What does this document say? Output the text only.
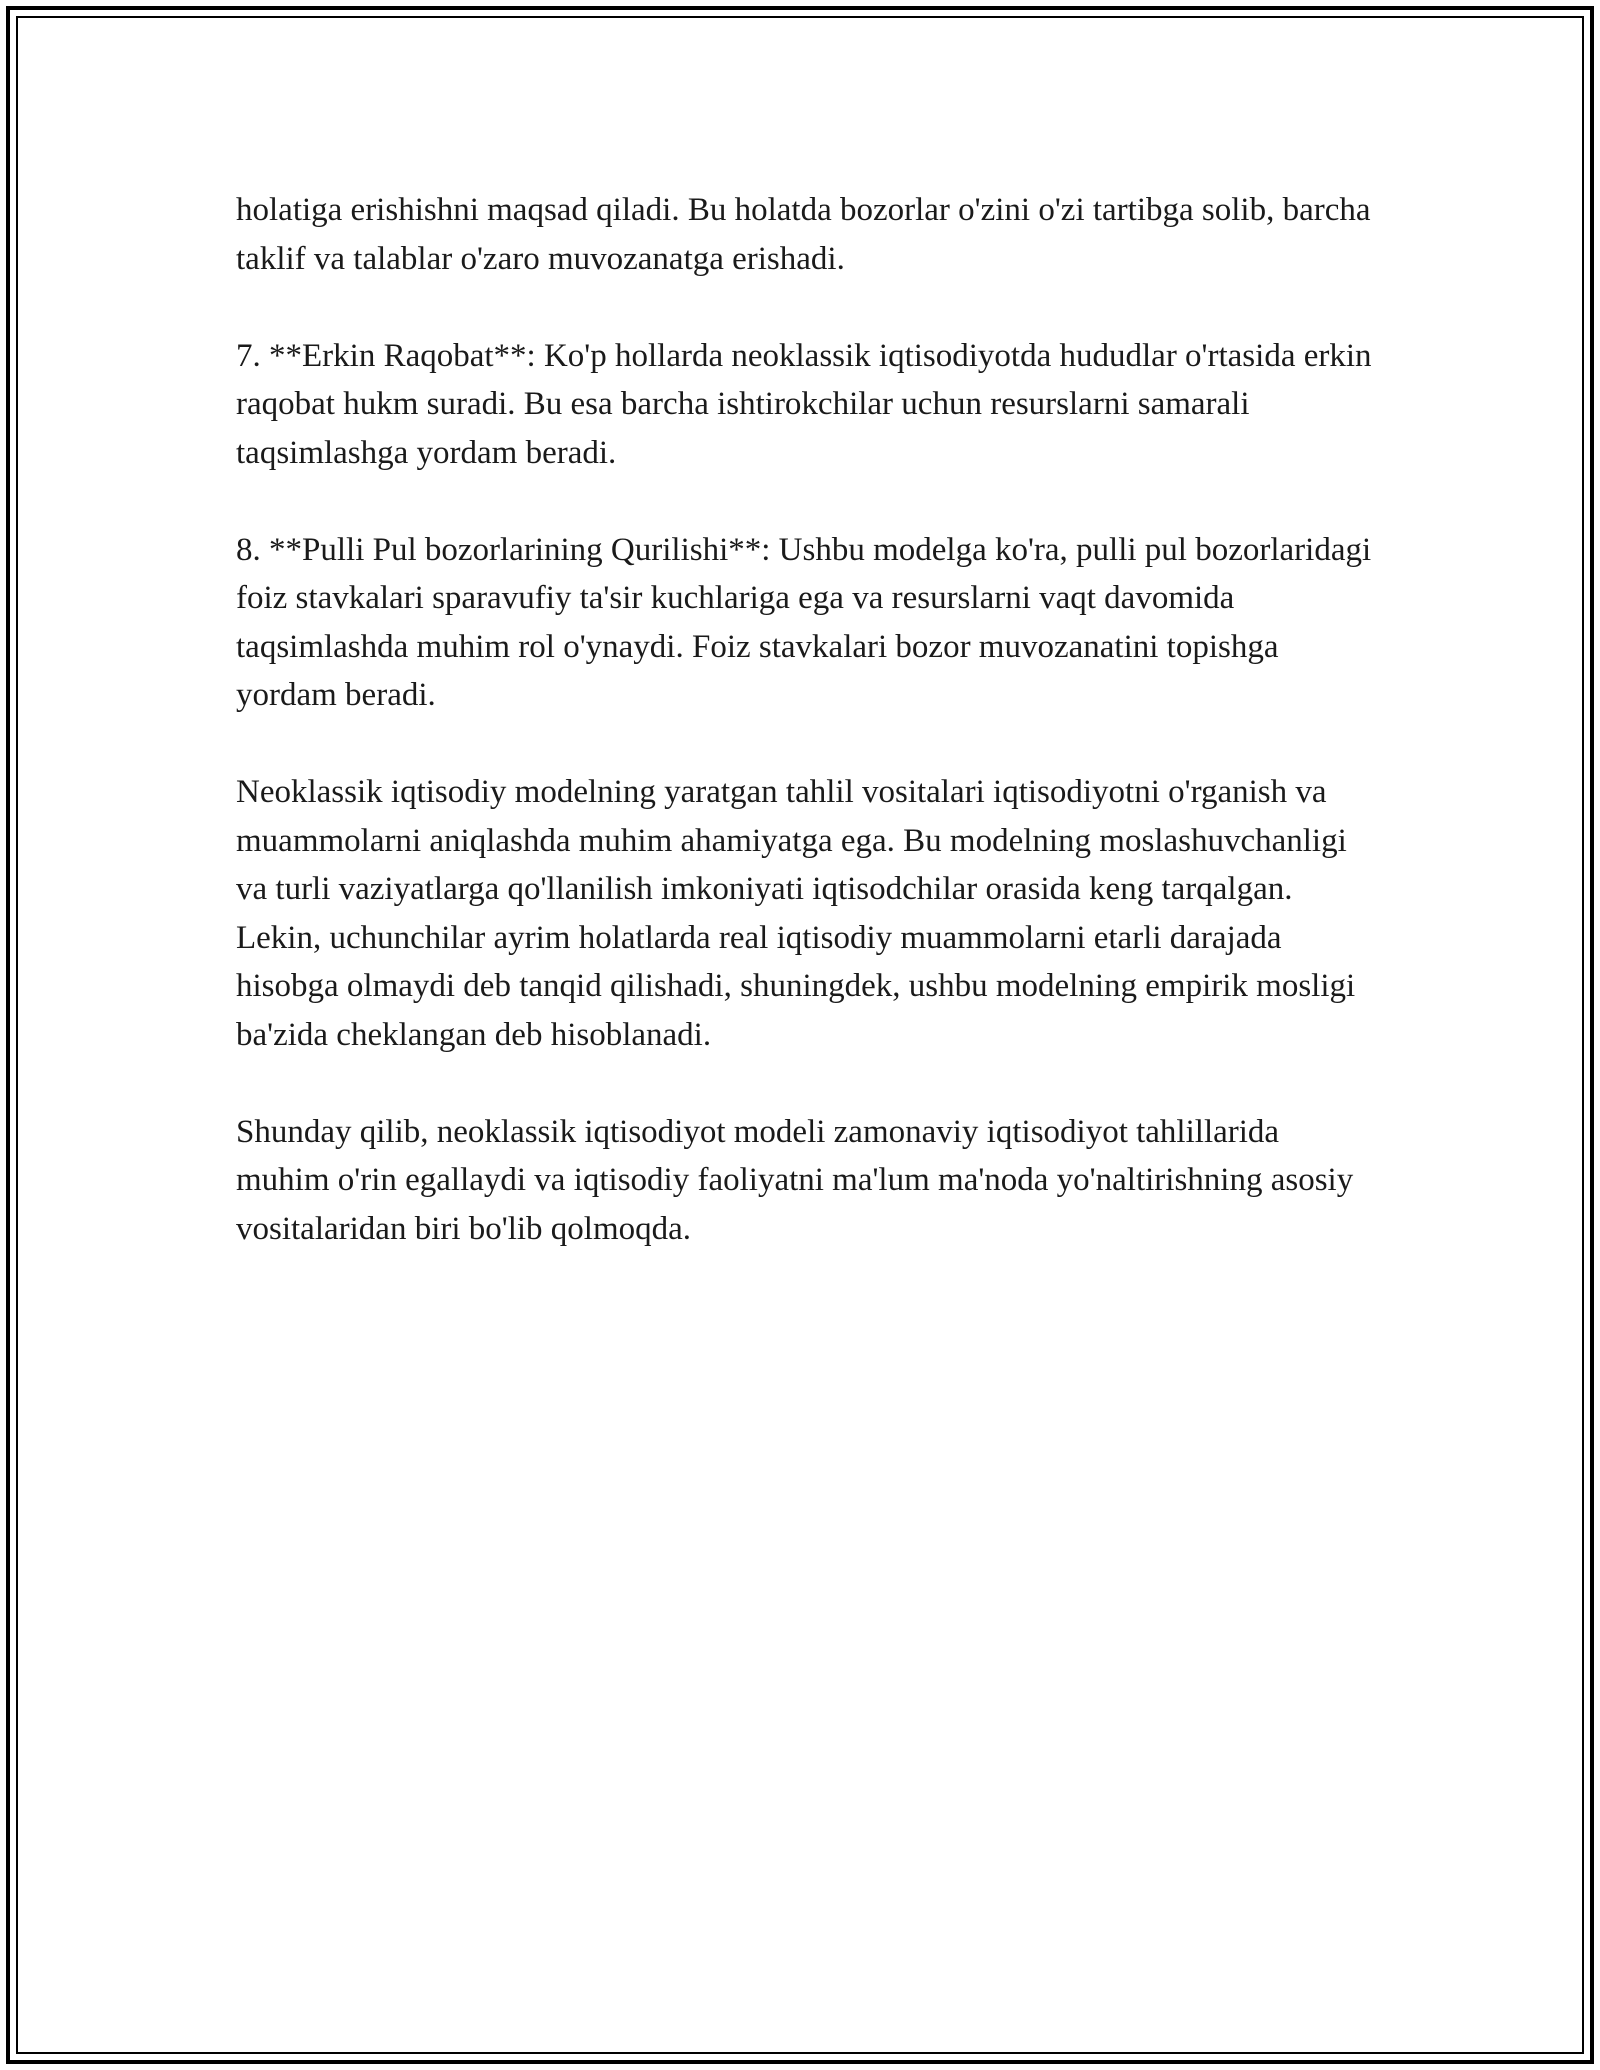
holatiga erishishni maqsad qiladi. Bu holatda bozorlar o'zini o'zi tartibga solib, barcha taklif va talablar o'zaro muvozanatga erishadi.

7. **Erkin Raqobat**: Ko'p hollarda neoklassik iqtisodiyotda hududlar o'rtasida erkin raqobat hukm suradi. Bu esa barcha ishtirokchilar uchun resurslarni samarali taqsimlashga yordam beradi.

8. **Pulli Pul bozorlarining Qurilishi**: Ushbu modelga ko'ra, pulli pul bozorlaridagi foiz stavkalari sparavufiy ta'sir kuchlariga ega va resurslarni vaqt davomida taqsimlashda muhim rol o'ynaydi. Foiz stavkalari bozor muvozanatini topishga yordam beradi.

Neoklassik iqtisodiy modelning yaratgan tahlil vositalari iqtisodiyotni o'rganish va muammolarni aniqlashda muhim ahamiyatga ega. Bu modelning moslashuvchanligi va turli vaziyatlarga qo'llanilish imkoniyati iqtisodchilar orasida keng tarqalgan. Lekin, uchunchilar ayrim holatlarda real iqtisodiy muammolarni etarli darajada hisobga olmaydi deb tanqid qilishadi, shuningdek, ushbu modelning empirik mosligi ba'zida cheklangan deb hisoblanadi.

Shunday qilib, neoklassik iqtisodiyot modeli zamonaviy iqtisodiyot tahlillarida muhim o'rin egallaydi va iqtisodiy faoliyatni ma'lum ma'noda yo'naltirishning asosiy vositalaridan biri bo'lib qolmoqda.
